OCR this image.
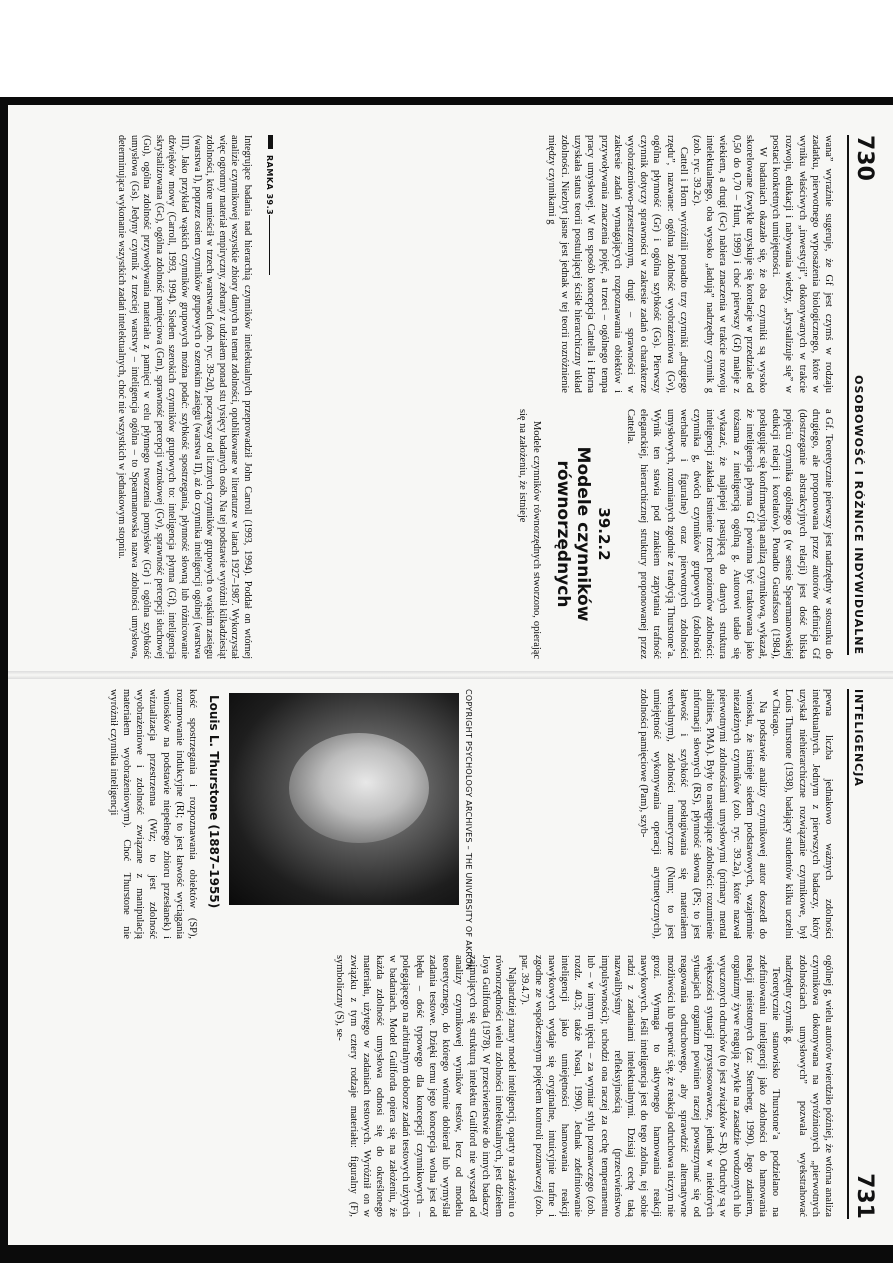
730
OSOBOWOŚĆ I RÓŻNICE INDYWIDUALNE

wana” wyraźnie sugeruje, że Gf jest czymś w rodzaju zadatku, pierwotnego wyposażenia biologicznego, które w wyniku właściwych „inwestycji”, dokonywanych w trakcie rozwoju, edukacji i nabywania wiedzy, „krystalizuje się” w postaci konkretnych umiejętności.

W badaniach okazało się, że oba czynniki są wysoko skorelowane (zwykle uzyskuje się korelacje w przedziale od 0,50 do 0,70 – Hunt, 1999) i choć pierwszy (Gf) maleje z wiekiem, a drugi (Gc) nabiera znaczenia w trakcie rozwoju intelektualnego, oba wysoko „ładują” nadrzędny czynnik g (zob. ryc. 39.2c).

Cattell i Horn wyróżnili ponadto trzy czynniki „drugiego rzędu”, nazwane: ogólna zdolność wyobrażeniowa (Gv), ogólna płynność (Gr) i ogólna szybkość (Gs). Pierwszy czynnik dotyczy sprawności w zakresie zadań o charakterze wyobrażeniowo-przestrzennym, drugi – sprawności w zakresie zadań wymagających rozpoznawania obiektów i przywoływania znaczenia pojęć, a trzeci – ogólnego tempa pracy umysłowej. W ten sposób koncepcja Cattella i Horna uzyskała status teorii postulującej ściśle hierarchiczny układ zdolności. Niezbyt jasne jest jednak w tej teorii rozróżnienie między czynnikami g

a Gf. Teoretycznie pierwszy jest nadrzędny w stosunku do drugiego, ale proponowana przez autorów definicja Gf (dostrzeganie abstrakcyjnych relacji) jest dość bliska pojęciu czynnika ogólnego g (w sensie Spearmanowskiej edukcji relacji i korelatów). Ponadto Gustafsson (1984), posługując się konfirmacyjną analizą czynnikową, wykazał, że inteligencja płynna Gf powinna być traktowana jako tożsama z inteligencją ogólną g. Autorowi udało się wykazać, że najlepiej pasującą do danych struktura inteligencji zakłada istnienie trzech poziomów zdolności: czynnika g, dwóch czynników grupowych (zdolności werbalne i figuralne) oraz pierwotnych zdolności umysłowych, rozumianych zgodnie z tradycją Thurstone’a. Wynik ten stawia pod znakiem zapytania trafność eleganckiej, hierarchicznej struktury proponowanej przez Cattella.

39.2.2
Modele czynników równorzędnych

Modele czynników równorzędnych stworzono, opierając się na założeniu, że istnieje

RAMKA 39.3

Integrujące badania nad hierarchią czynników intelektualnych przeprowadził John Carroll (1993, 1994). Poddał on wtórnej analizie czynnikowej wszystkie zbiory danych na temat zdolności, opublikowane w literaturze w latach 1927–1987. Wykorzystał więc ogromny materiał empiryczny, zebrany z udziałem ponad stu tysięcy badanych osób. Na tej podstawie wyróżnił kilkadziesiąt zdolności, które umieścił w trzech warstwach (zob. ryc. 39-2d), począwszy od licznych czynników grupowych o wąskim zasięgu (warstwa I), poprzez osiem czynników grupowych o szerokim zasięgu (warstwa II), aż do czynnika inteligencji ogólnej (warstwa III). Jako przykład wąskich czynników grupowych można podać: szybkość spostrzegania, płynność słowną lub różnicowanie dźwięków mowy (Carroll, 1993, 1994). Siedem szerokich czynników grupowych to: inteligencja płynna (Gf), inteligencja skrystalizowana (Gc), ogólna zdolność pamięciowa (Gm), sprawność percepcji wzrokowej (Gv), sprawność percepcji słuchowej (Gu), ogólna zdolność przywoływania materiału z pamięci w celu płynnego tworzenia pomysłów (Gr) i ogólna szybkość umysłowa (Gs). Jedyny czynnik z trzeciej warstwy – inteligencja ogólna – to Spearmanowska nazwa zdolności umysłowa, determinująca wykonanie wszystkich zadań intelektualnych, choć nie wszystkich w jednakowym stopniu.

INTELIGENCJA
731

pewna liczba jednakowo ważnych zdolności intelektualnych. Jednym z pierwszych badaczy, który uzyskał niehierarchiczne rozwiązanie czynnikowe, był Louis Thurstone (1938), badający studentów kilku uczelni w Chicago.

Na podstawie analizy czynnikowej autor doszedł do wniosku, że istnieje siedem podstawowych, wzajemnie niezależnych czynników (zob. ryc. 39.2a), które nazwał pierwotnymi zdolnościami umysłowymi (primary mental abilities, PMA). Były to następujące zdolności: rozumienie informacji słownych (RS), płynność słowna (PS; to jest łatwość i szybkość posługiwania się materiałem werbalnym), zdolności numeryczne (Num; to jest umiejętność wykonywania operacji arytmetycznych), zdolności pamięciowe (Pam), szyb-

COPYRIGHT PSYCHOLOGY ARCHIVES – THE UNIVERSITY OF AKRON
Louis L. Thurstone (1887–1955)

kość spostrzegania i rozpoznawania obiektów (SP), rozumowanie indukcyjne (RI; to jest łatwość wyciągania wniosków na podstawie niepełnego zbioru przesłanek) i wizualizacja przestrzenna (Wiz; to jest zdolność wyobrażeniowe i zdolność związane z manipulacją materiałem wyobrażeniowym). Choć Thurstone nie wyróżnił czynnika inteligencji

ogólnej g, wielu autorów twierdziło później, że wtórna analiza czynnikowa dokonywana na wyróżnionych „pierwotnych zdolnościach umysłowych” pozwala wyekstrahować nadrzędny czynnik g.

Teoretycznie stanowisko Thurstone’a podzielano na zdefiniowaniu inteligencji jako zdolności do hamowania reakcji nieistotnych (za: Sternberg, 1990). Jego zdaniem, organizmy żywe reagują zwykle na zasadzie wrodzonych lub wyuczonych odruchów (to jest związków S–R). Odruchy są w większości sytuacji przystosowawcze, jednak w niektórych sytuacjach organizm powinien raczej powstrzymać się od reagowania odruchowego, aby sprawdzić alternatywne możliwości lub upewnić się, że reakcja odruchowa niczym nie grozi. Wymaga to aktywnego hamowania reakcji nawykowych. Jeśli inteligencja jest do tego zdolna, tej sobie radzi z zadaniami intelektualnymi. Dzisiaj cechę taką nazwalibyśmy refleksyjnością (przeciwieństwo impulsywności); uchodzi ona raczej za cechę temperamentu lub – w innym ujęciu – za wymiar stylu poznawczego (zob. rozdz. 40.3; także Nosal, 1990). Jednak zdefiniowanie inteligencji jako umiejętności hamowania reakcji nawykowych wydaje się oryginalne, intuicyjnie trafne i zgodne ze współczesnym pojęciem kontroli poznawczej (zob. par. 39.4.7).

Najbardziej znany model inteligencji, oparty na założeniu o równorzędności wielu zdolności intelektualnych, jest dziełem Joya Guilforda (1978). W przeciwieństwie do innych badaczy zajmujących się strukturą intelektu Guilford nie wyszedł od analizy czynnikowej wyników testów, lecz od modelu teoretycznego, do którego wtórnie dobierał lub wymyślał zadania testowe. Dzięki temu jego koncepcja wolna jest od błędu – dość typowego dla koncepcji czynnikowych – polegającego na arbitralnym doborze zadań testowych użytych w badaniach. Model Guilforda opiera się na założeniu, że każda zdolność umysłowa odnosi się do określonego materiału, użytego w zadaniach testowych. Wyróżnił on w związku z tym cztery rodzaje materiału: figuralny (F), symboliczny (S), se-
